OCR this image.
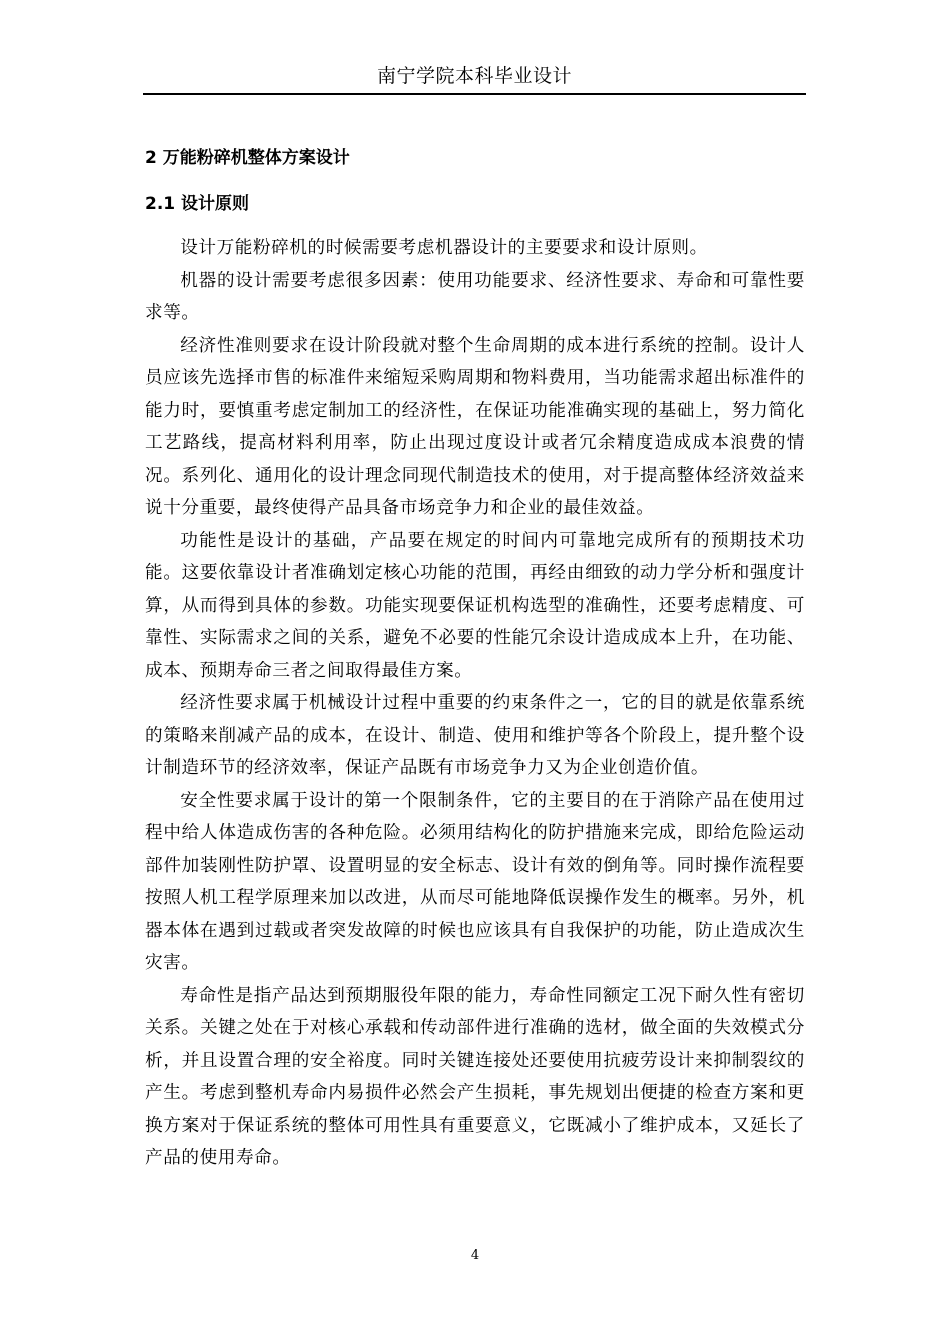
南宁学院本科毕业设计
2 万能粉碎机整体方案设计
2.1 设计原则

设计万能粉碎机的时候需要考虑机器设计的主要要求和设计原则。

机器的设计需要考虑很多因素：使用功能要求、经济性要求、寿命和可靠性要求等。

经济性准则要求在设计阶段就对整个生命周期的成本进行系统的控制。设计人员应该先选择市售的标准件来缩短采购周期和物料费用，当功能需求超出标准件的能力时，要慎重考虑定制加工的经济性，在保证功能准确实现的基础上，努力简化工艺路线，提高材料利用率，防止出现过度设计或者冗余精度造成成本浪费的情况。系列化、通用化的设计理念同现代制造技术的使用，对于提高整体经济效益来说十分重要，最终使得产品具备市场竞争力和企业的最佳效益。

功能性是设计的基础，产品要在规定的时间内可靠地完成所有的预期技术功能。这要依靠设计者准确划定核心功能的范围，再经由细致的动力学分析和强度计算，从而得到具体的参数。功能实现要保证机构选型的准确性，还要考虑精度、可靠性、实际需求之间的关系，避免不必要的性能冗余设计造成成本上升，在功能、成本、预期寿命三者之间取得最佳方案。

经济性要求属于机械设计过程中重要的约束条件之一，它的目的就是依靠系统的策略来削减产品的成本，在设计、制造、使用和维护等各个阶段上，提升整个设计制造环节的经济效率，保证产品既有市场竞争力又为企业创造价值。

安全性要求属于设计的第一个限制条件，它的主要目的在于消除产品在使用过程中给人体造成伤害的各种危险。必须用结构化的防护措施来完成，即给危险运动部件加装刚性防护罩、设置明显的安全标志、设计有效的倒角等。同时操作流程要按照人机工程学原理来加以改进，从而尽可能地降低误操作发生的概率。另外，机器本体在遇到过载或者突发故障的时候也应该具有自我保护的功能，防止造成次生灾害。

寿命性是指产品达到预期服役年限的能力，寿命性同额定工况下耐久性有密切关系。关键之处在于对核心承载和传动部件进行准确的选材，做全面的失效模式分析，并且设置合理的安全裕度。同时关键连接处还要使用抗疲劳设计来抑制裂纹的产生。考虑到整机寿命内易损件必然会产生损耗，事先规划出便捷的检查方案和更换方案对于保证系统的整体可用性具有重要意义，它既减小了维护成本，又延长了产品的使用寿命。

4
